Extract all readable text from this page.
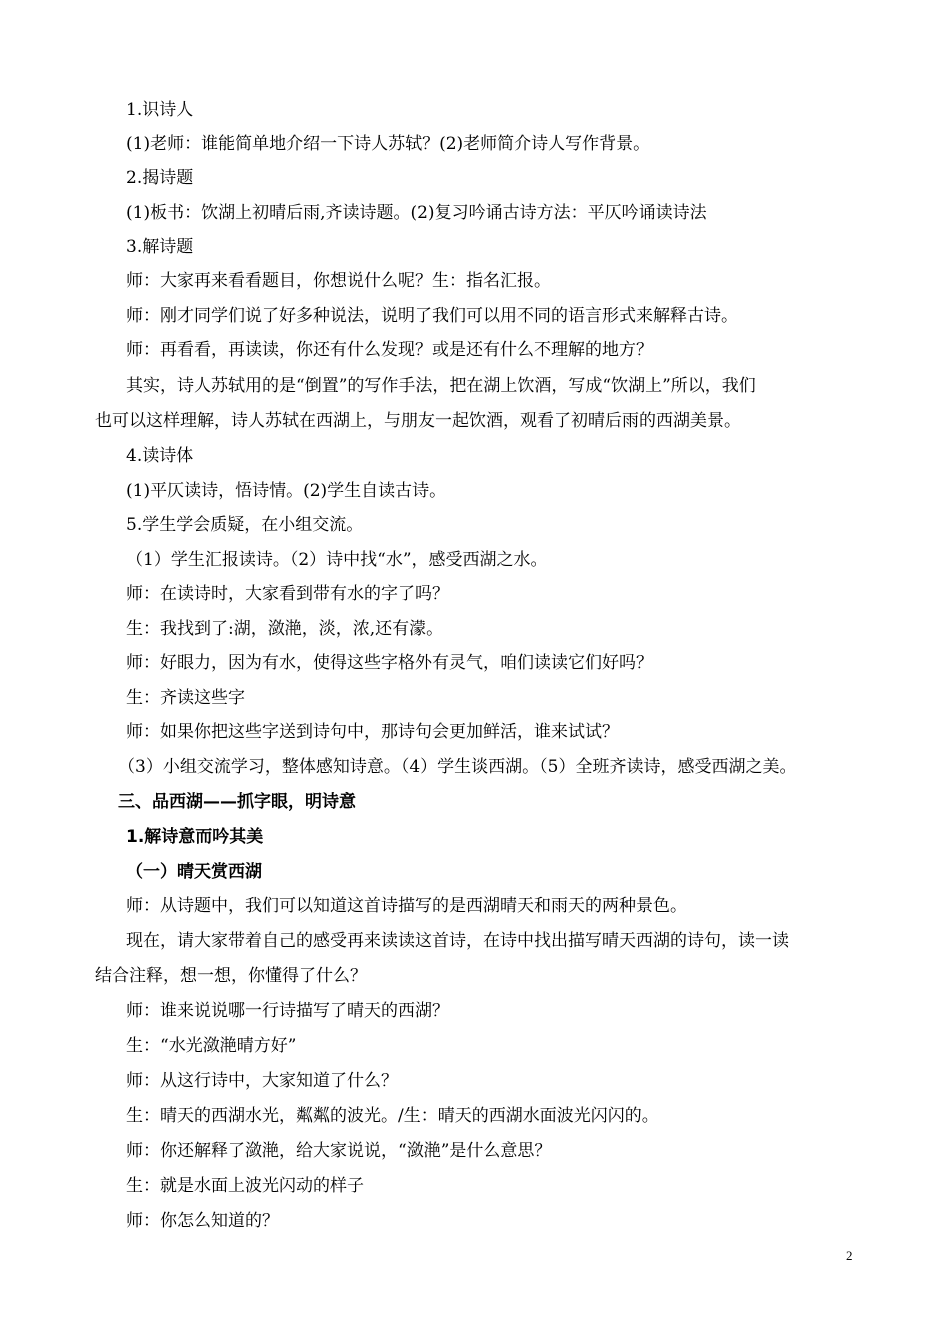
1.识诗人
(1)老师：谁能简单地介绍一下诗人苏轼？(2)老师简介诗人写作背景。
2.揭诗题
(1)板书：饮湖上初晴后雨,齐读诗题。(2)复习吟诵古诗方法：平仄吟诵读诗法
3.解诗题
师：大家再来看看题目，你想说什么呢？生：指名汇报。
师：刚才同学们说了好多种说法，说明了我们可以用不同的语言形式来解释古诗。
师：再看看，再读读，你还有什么发现？或是还有什么不理解的地方？
其实，诗人苏轼用的是“倒置”的写作手法，把在湖上饮酒，写成“饮湖上”所以，我们
也可以这样理解，诗人苏轼在西湖上，与朋友一起饮酒，观看了初晴后雨的西湖美景。
4.读诗体
(1)平仄读诗，悟诗情。(2)学生自读古诗。
5.学生学会质疑，在小组交流。
（1）学生汇报读诗。（2）诗中找“水”，感受西湖之水。
师：在读诗时，大家看到带有水的字了吗？
生：我找到了:湖，潋滟，淡，浓,还有濛。
师：好眼力，因为有水，使得这些字格外有灵气，咱们读读它们好吗？
生：齐读这些字
师：如果你把这些字送到诗句中，那诗句会更加鲜活，谁来试试？
（3）小组交流学习，整体感知诗意。（4）学生谈西湖。（5）全班齐读诗，感受西湖之美。
三、品西湖——抓字眼，明诗意
1.解诗意而吟其美
（一）晴天赏西湖
师：从诗题中，我们可以知道这首诗描写的是西湖晴天和雨天的两种景色。
现在，请大家带着自己的感受再来读读这首诗，在诗中找出描写晴天西湖的诗句，读一读
结合注释，想一想，你懂得了什么？
师：谁来说说哪一行诗描写了晴天的西湖？
生：“水光潋滟晴方好”
师：从这行诗中，大家知道了什么？
生：晴天的西湖水光，粼粼的波光。/生：晴天的西湖水面波光闪闪的。
师：你还解释了潋滟，给大家说说，“潋滟”是什么意思？
生：就是水面上波光闪动的样子
师：你怎么知道的？
2
